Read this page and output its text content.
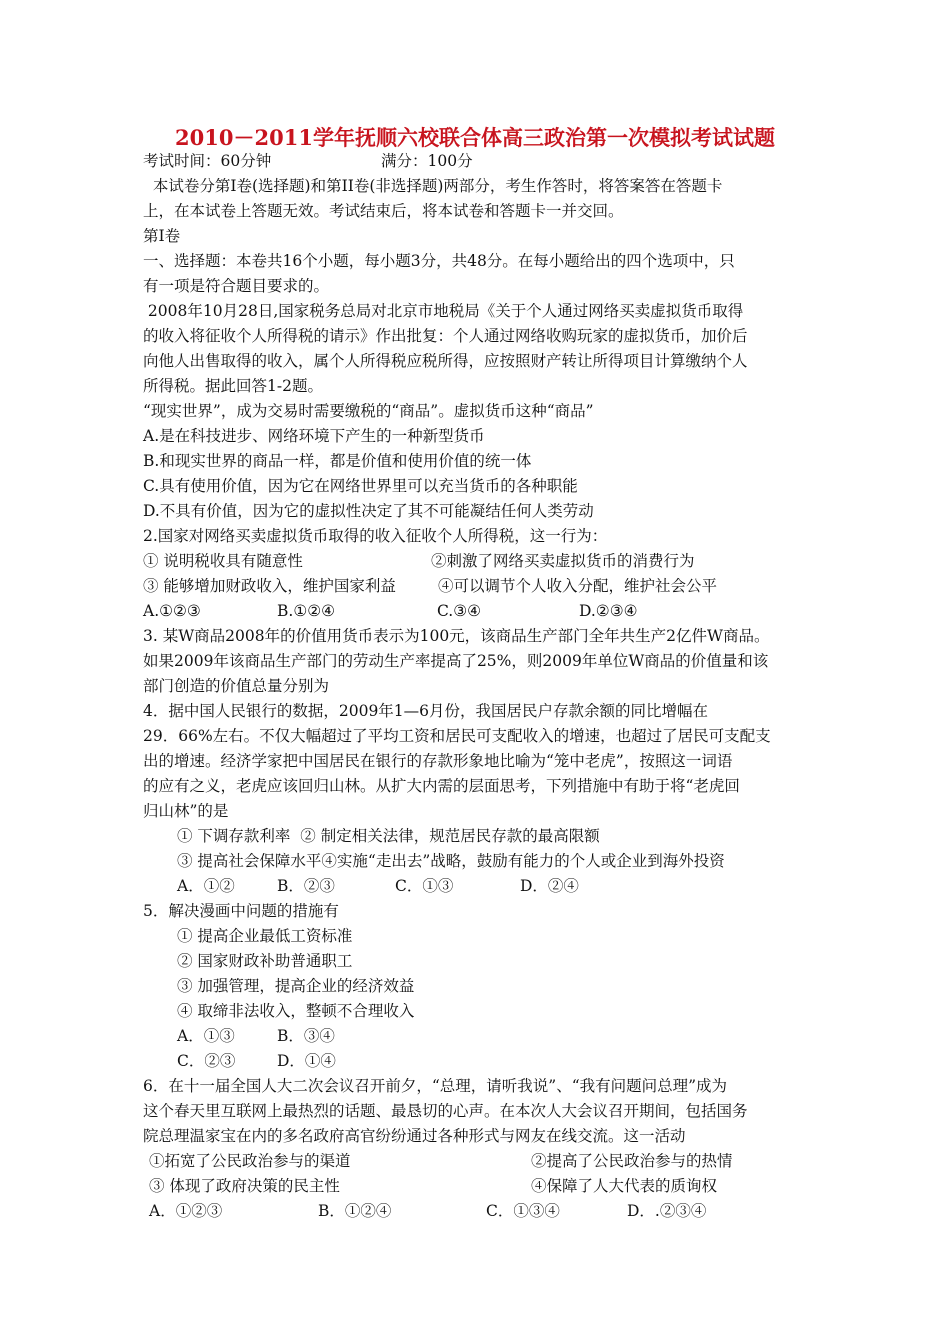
2010－2011学年抚顺六校联合体高三政治第一次模拟考试试题
考试时间：60分钟	满分：100分
本试卷分第Ⅰ卷(选择题)和第II卷(非选择题)两部分，考生作答时，将答案答在答题卡
上，在本试卷上答题无效。考试结束后，将本试卷和答题卡一并交回。
第Ⅰ卷
一、选择题：本卷共16个小题，每小题3分，共48分。在每小题给出的四个选项中，只
有一项是符合题目要求的。
2008年10月28日,国家税务总局对北京市地税局《关于个人通过网络买卖虚拟货币取得
的收入将征收个人所得税的请示》作出批复：个人通过网络收购玩家的虚拟货币，加价后
向他人出售取得的收入，属个人所得税应税所得，应按照财产转让所得项目计算缴纳个人
所得税。据此回答1-2题。
“现实世界”，成为交易时需要缴税的“商品”。虚拟货币这种“商品”
A.是在科技进步、网络环境下产生的一种新型货币
B.和现实世界的商品一样，都是价值和使用价值的统一体
C.具有使用价值，因为它在网络世界里可以充当货币的各种职能
D.不具有价值，因为它的虚拟性决定了其不可能凝结任何人类劳动
2.国家对网络买卖虚拟货币取得的收入征收个人所得税，这一行为：
① 说明税收具有随意性	②刺激了网络买卖虚拟货币的消费行为
③ 能够增加财政收入，维护国家利益	④可以调节个人收入分配，维护社会公平
A.①②③	B.①②④	C.③④	D.②③④
3. 某W商品2008年的价值用货币表示为100元，该商品生产部门全年共生产2亿件W商品。
如果2009年该商品生产部门的劳动生产率提高了25%，则2009年单位W商品的价值量和该
部门创造的价值总量分别为
4．据中国人民银行的数据，2009年1—6月份，我国居民户存款余额的同比增幅在
29．66%左右。不仅大幅超过了平均工资和居民可支配收入的增速，也超过了居民可支配支
出的增速。经济学家把中国居民在银行的存款形象地比喻为“笼中老虎”，按照这一词语
的应有之义，老虎应该回归山林。从扩大内需的层面思考，下列措施中有助于将“老虎回
归山林”的是
① 下调存款利率  ② 制定相关法律，规范居民存款的最高限额
③ 提高社会保障水平④实施“走出去”战略，鼓励有能力的个人或企业到海外投资
A．①②	B．②③	C．①③	D．②④
5．解决漫画中问题的措施有
① 提高企业最低工资标准
② 国家财政补助普通职工
③ 加强管理，提高企业的经济效益
④ 取缔非法收入，整顿不合理收入
A．①③	B．③④
C．②③	D．①④
6．在十一届全国人大二次会议召开前夕，“总理，请听我说”、“我有问题问总理”成为
这个春天里互联网上最热烈的话题、最恳切的心声。在本次人大会议召开期间，包括国务
院总理温家宝在内的多名政府高官纷纷通过各种形式与网友在线交流。这一活动
①拓宽了公民政治参与的渠道	②提高了公民政治参与的热情
③ 体现了政府决策的民主性	④保障了人大代表的质询权
A．①②③	B．①②④	C．①③④	D．.②③④
